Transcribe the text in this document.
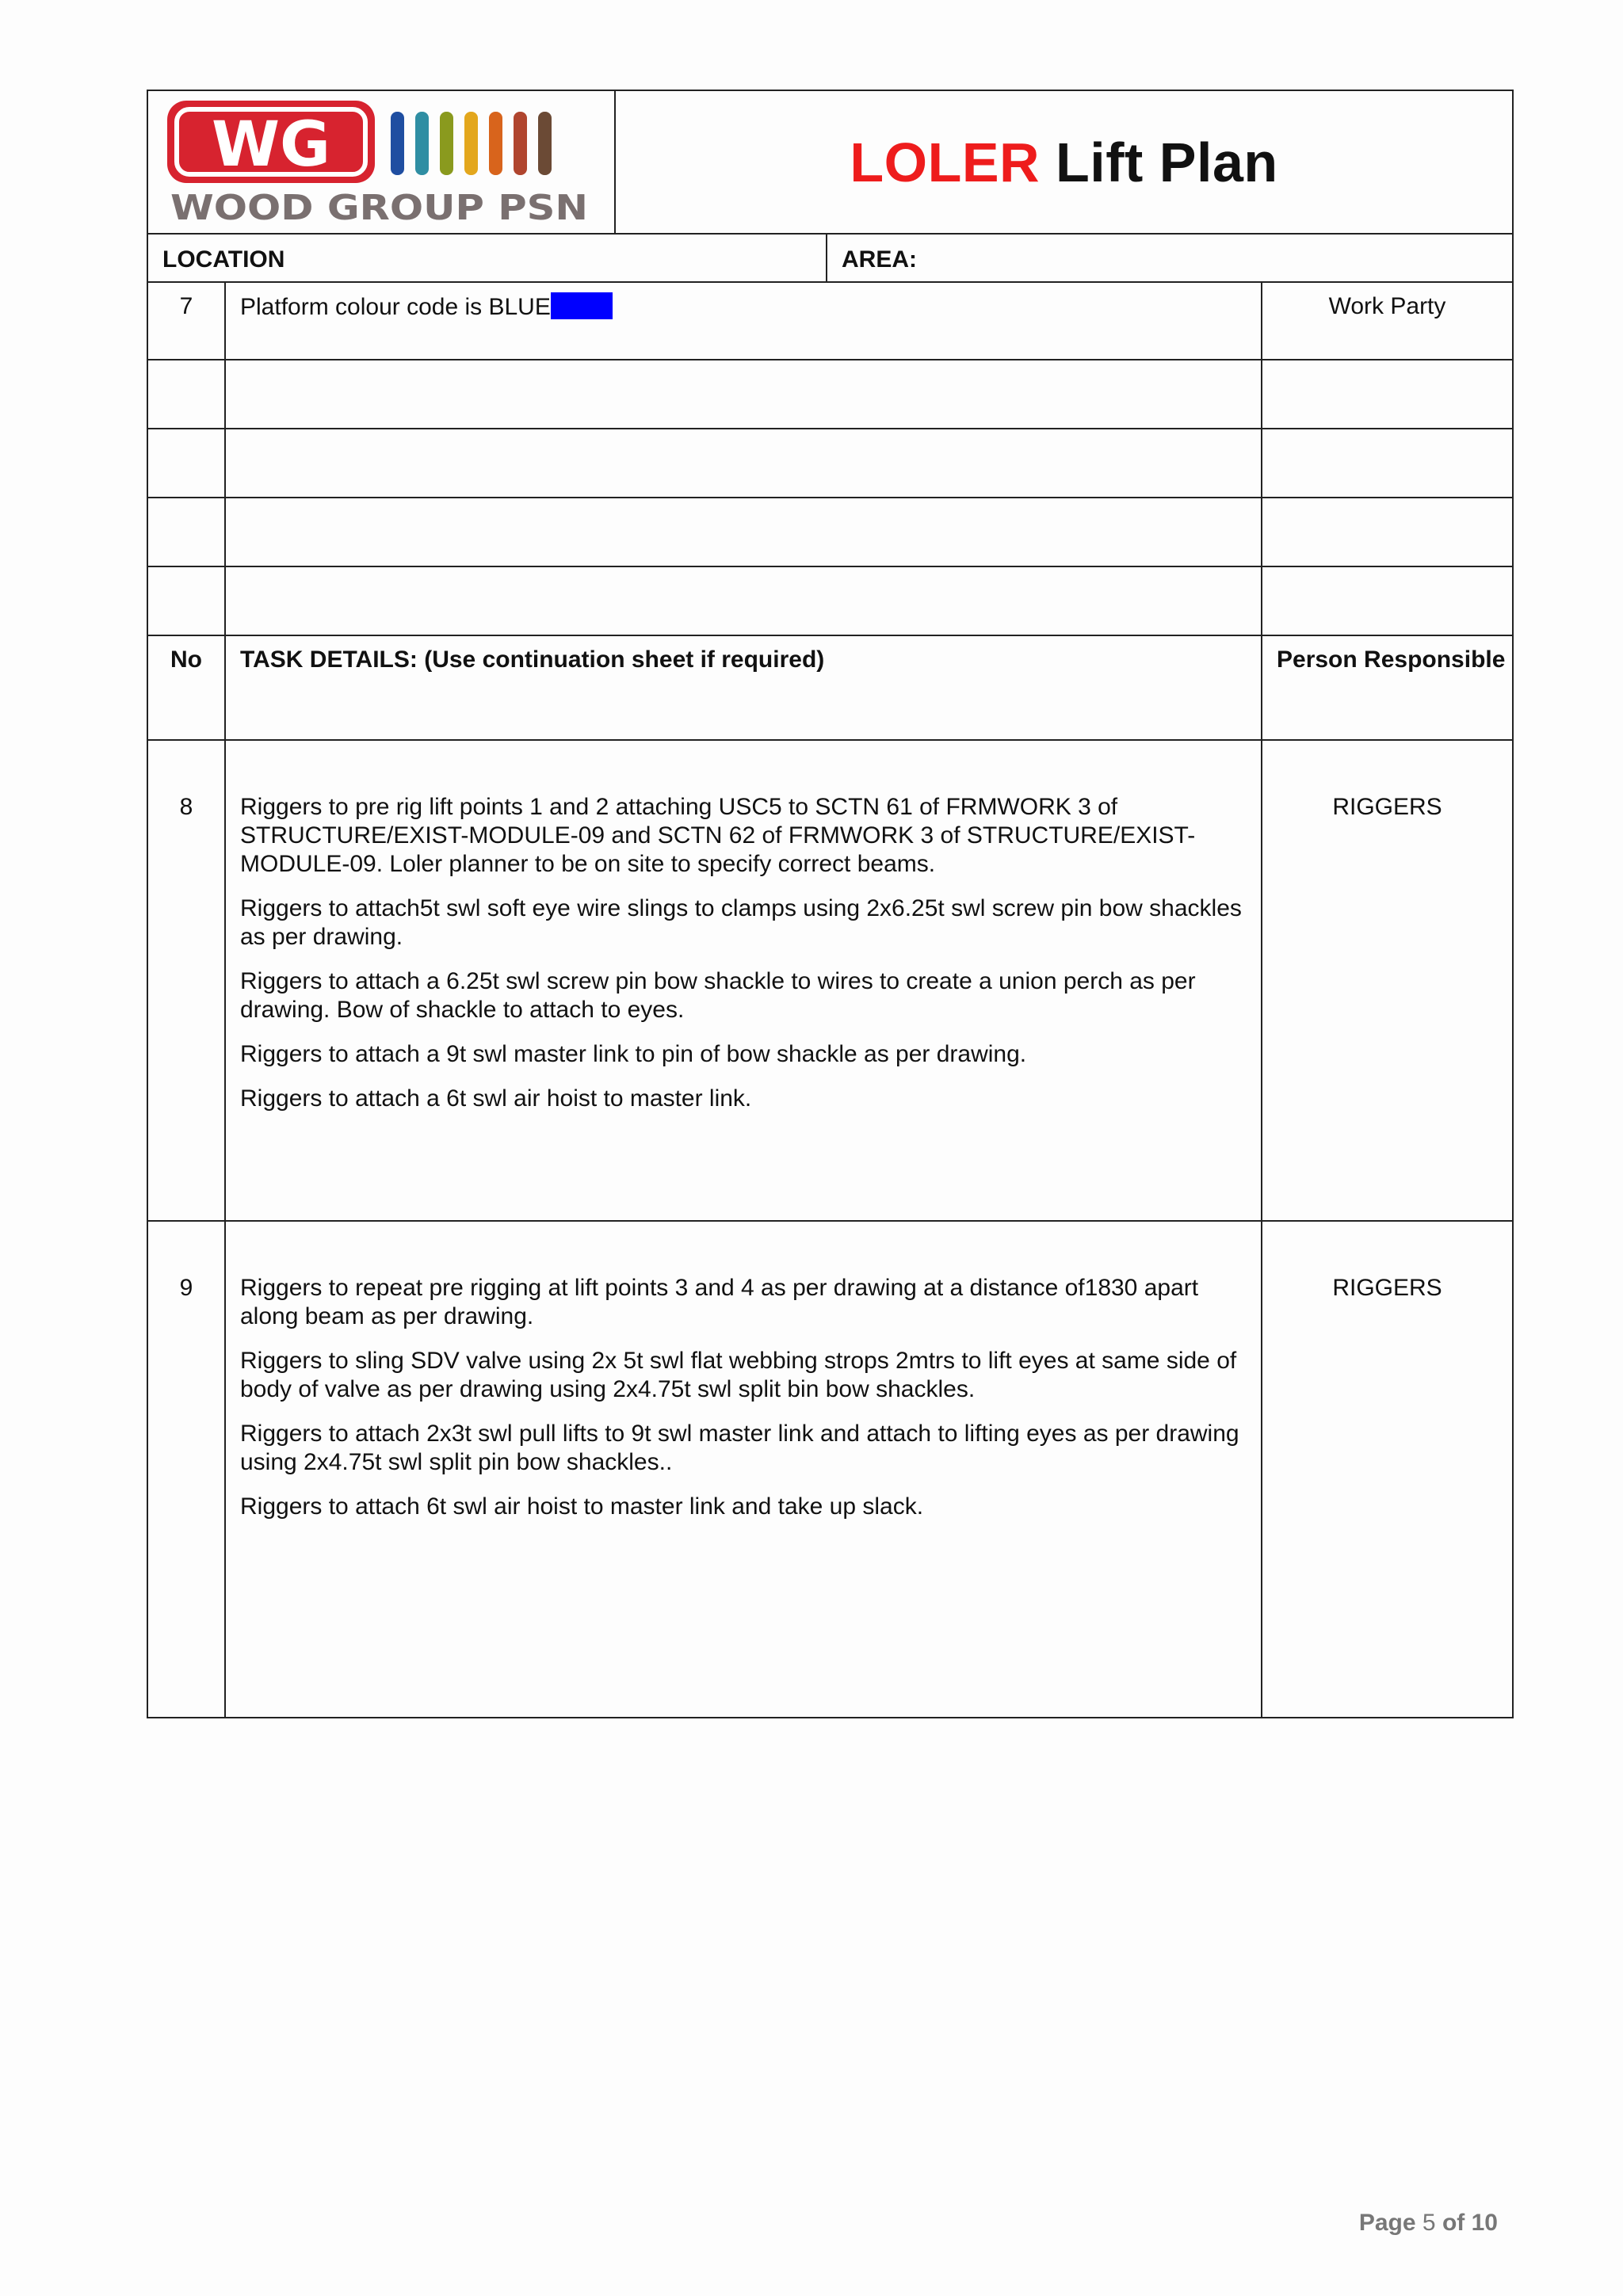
WG
WOOD GROUP PSN
	LOLER Lift Plan
LOCATION	AREA:
7	Platform colour code is BLUE	Work Party

No	TASK DETAILS: (Use continuation sheet if required)	Person Responsible
8	Riggers to pre rig lift points 1 and 2 attaching USC5 to SCTN 61 of FRMWORK 3 of STRUCTURE/EXIST-MODULE-09 and SCTN 62 of FRMWORK 3 of STRUCTURE/EXIST-MODULE-09. Loler planner to be on site to specify correct beams.

Riggers to attach5t swl soft eye wire slings to clamps using 2x6.25t swl screw pin bow shackles as per drawing.

Riggers to attach a 6.25t swl screw pin bow shackle to wires to create a union perch as per drawing. Bow of shackle to attach to eyes.

Riggers to attach a 9t swl master link to pin of bow shackle as per drawing.

Riggers to attach a 6t swl air hoist to master link.	RIGGERS
9	Riggers to repeat pre rigging at lift points 3 and 4 as per drawing at a distance of1830 apart along beam as per drawing.

Riggers to sling SDV valve using 2x 5t swl flat webbing strops 2mtrs to lift eyes at same side of body of valve as per drawing using 2x4.75t swl split bin bow shackles.

Riggers to attach 2x3t swl pull lifts to 9t swl master link and attach to lifting eyes as per drawing using 2x4.75t swl split pin bow shackles..

Riggers to attach 6t swl air hoist to master link and take up slack.	RIGGERS
Page 5 of 10
